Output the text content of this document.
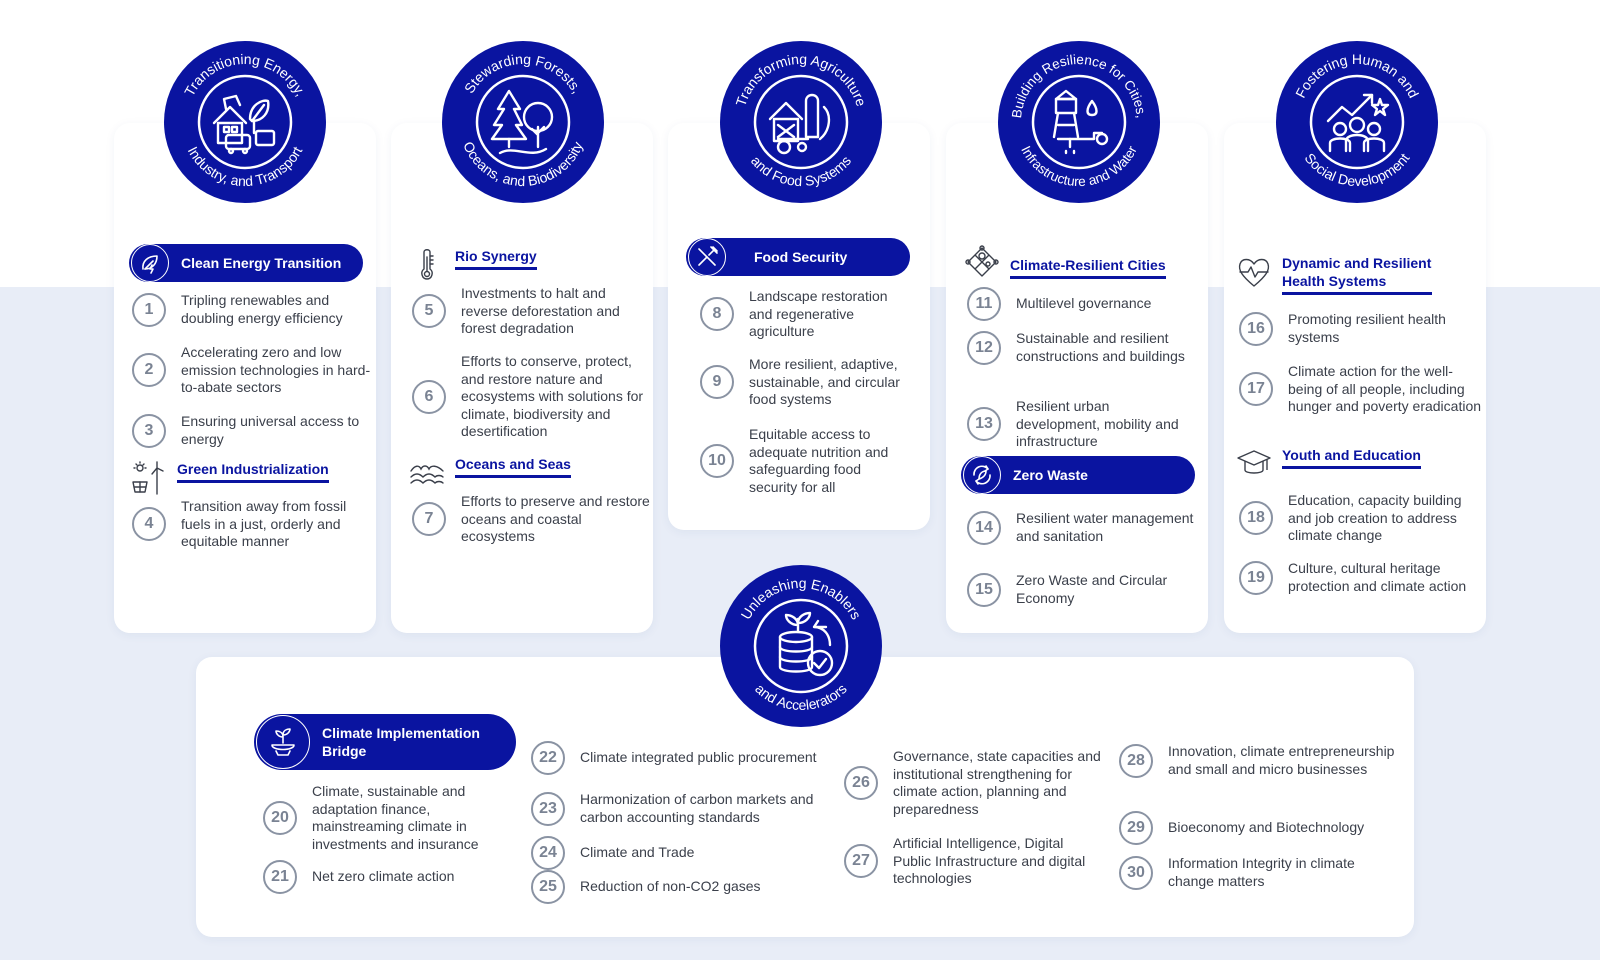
Transitioning Energy,
Industry, and Transport
Stewarding Forests,
Oceans, and Biodiversity
Transforming Agriculture
and Food Systems
Building Resilience for Cities,
Infrastructure and Water
Fostering Human and
Social Development
Unleashing Enablers
and Accelerators
Clean Energy Transition
1
Tripling renewables and doubling energy efficiency
2
Accelerating zero and low emission technologies in hard-to-abate sectors
3
Ensuring universal access to energy
Green Industrialization
4
Transition away from fossil fuels in a just, orderly and equitable manner
Rio Synergy
5
Investments to halt and reverse deforestation and forest degradation
6
Efforts to conserve, protect, and restore nature and ecosystems with solutions for climate, biodiversity and desertification
Oceans and Seas
7
Efforts to preserve and restore oceans and coastal ecosystems
Food Security
8
Landscape restoration and regenerative agriculture
9
More resilient, adaptive, sustainable, and circular food systems
10
Equitable access to adequate nutrition and safeguarding food security for all
Climate-Resilient Cities
11	Multilevel governance
12
Sustainable and resilient constructions and buildings
13
Resilient urban development, mobility and infrastructure
Zero Waste
14
Resilient water management and sanitation
15
Zero Waste and Circular Economy
Dynamic and Resilient Health Systems
16
Promoting resilient health systems
17
Climate action for the well-being of all people, including hunger and poverty eradication
Youth and Education
18
Education, capacity building and job creation to address climate change
19
Culture, cultural heritage protection and climate action
Climate Implementation Bridge
20
Climate, sustainable and adaptation finance, mainstreaming climate in investments and insurance
21	Net zero climate action
22	Climate integrated public procurement
23
Harmonization of carbon markets and carbon accounting standards
24	Climate and Trade
25	Reduction of non-CO2 gases
26
Governance, state capacities and institutional strengthening for climate action, planning and preparedness
27
Artificial Intelligence, Digital Public Infrastructure and digital technologies
28
Innovation, climate entrepreneurship and small and micro businesses
29	Bioeconomy and Biotechnology
30
Information Integrity in climate change matters
